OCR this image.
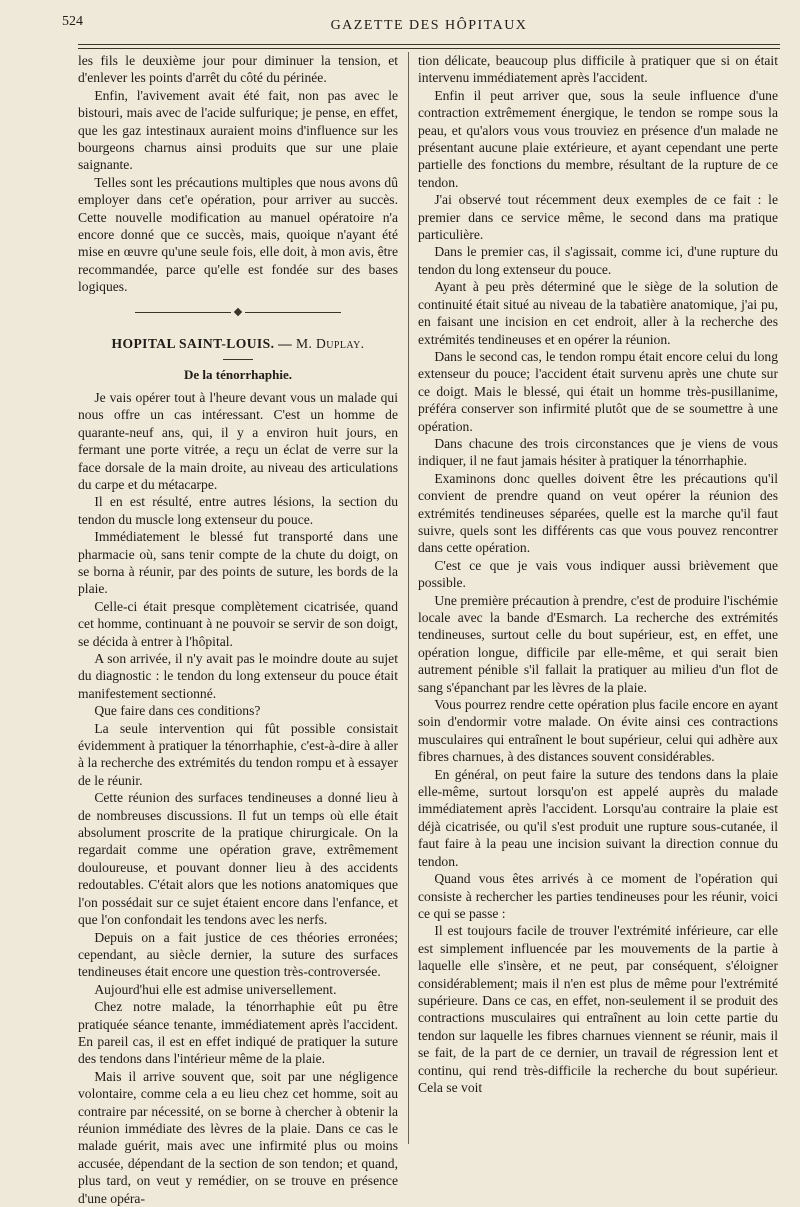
524	GAZETTE DES HÔPITAUX

les fils le deuxième jour pour diminuer la tension, et d'enlever les points d'arrêt du côté du périnée.

Enfin, l'avivement avait été fait, non pas avec le bistouri, mais avec de l'acide sulfurique; je pense, en effet, que les gaz intestinaux auraient moins d'influence sur les bourgeons charnus ainsi produits que sur une plaie saignante.

Telles sont les précautions multiples que nous avons dû employer dans cet'e opération, pour arriver au succès. Cette nouvelle modification au manuel opératoire n'a encore donné que ce succès, mais, quoique n'ayant été mise en œuvre qu'une seule fois, elle doit, à mon avis, être recommandée, parce qu'elle est fondée sur des bases logiques.

HOPITAL SAINT-LOUIS. — M. Duplay.
De la ténorrhaphie.

Je vais opérer tout à l'heure devant vous un malade qui nous offre un cas intéressant. C'est un homme de quarante-neuf ans, qui, il y a environ huit jours, en fermant une porte vitrée, a reçu un éclat de verre sur la face dorsale de la main droite, au niveau des articulations du carpe et du métacarpe.

Il en est résulté, entre autres lésions, la section du tendon du muscle long extenseur du pouce.

Immédiatement le blessé fut transporté dans une pharmacie où, sans tenir compte de la chute du doigt, on se borna à réunir, par des points de suture, les bords de la plaie.

Celle-ci était presque complètement cicatrisée, quand cet homme, continuant à ne pouvoir se servir de son doigt, se décida à entrer à l'hôpital.

A son arrivée, il n'y avait pas le moindre doute au sujet du diagnostic : le tendon du long extenseur du pouce était manifestement sectionné.

Que faire dans ces conditions?

La seule intervention qui fût possible consistait évidemment à pratiquer la ténorrhaphie, c'est-à-dire à aller à la recherche des extrémités du tendon rompu et à essayer de le réunir.

Cette réunion des surfaces tendineuses a donné lieu à de nombreuses discussions. Il fut un temps où elle était absolument proscrite de la pratique chirurgicale. On la regardait comme une opération grave, extrêmement douloureuse, et pouvant donner lieu à des accidents redoutables. C'était alors que les notions anatomiques que l'on possédait sur ce sujet étaient encore dans l'enfance, et que l'on confondait les tendons avec les nerfs.

Depuis on a fait justice de ces théories erronées; cependant, au siècle dernier, la suture des surfaces tendineuses était encore une question très-controversée.

Aujourd'hui elle est admise universellement.

Chez notre malade, la ténorrhaphie eût pu être pratiquée séance tenante, immédiatement après l'accident. En pareil cas, il est en effet indiqué de pratiquer la suture des tendons dans l'intérieur même de la plaie.

Mais il arrive souvent que, soit par une négligence volontaire, comme cela a eu lieu chez cet homme, soit au contraire par nécessité, on se borne à chercher à obtenir la réunion immédiate des lèvres de la plaie. Dans ce cas le malade guérit, mais avec une infirmité plus ou moins accusée, dépendant de la section de son tendon; et quand, plus tard, on veut y remédier, on se trouve en présence d'une opéra-

tion délicate, beaucoup plus difficile à pratiquer que si on était intervenu immédiatement après l'accident.

Enfin il peut arriver que, sous la seule influence d'une contraction extrêmement énergique, le tendon se rompe sous la peau, et qu'alors vous vous trouviez en présence d'un malade ne présentant aucune plaie extérieure, et ayant cependant une perte partielle des fonctions du membre, résultant de la rupture de ce tendon.

J'ai observé tout récemment deux exemples de ce fait : le premier dans ce service même, le second dans ma pratique particulière.

Dans le premier cas, il s'agissait, comme ici, d'une rupture du tendon du long extenseur du pouce.

Ayant à peu près déterminé que le siège de la solution de continuité était situé au niveau de la tabatière anatomique, j'ai pu, en faisant une incision en cet endroit, aller à la recherche des extrémités tendineuses et en opérer la réunion.

Dans le second cas, le tendon rompu était encore celui du long extenseur du pouce; l'accident était survenu après une chute sur ce doigt. Mais le blessé, qui était un homme très-pusillanime, préféra conserver son infirmité plutôt que de se soumettre à une opération.

Dans chacune des trois circonstances que je viens de vous indiquer, il ne faut jamais hésiter à pratiquer la ténorrhaphie.

Examinons donc quelles doivent être les précautions qu'il convient de prendre quand on veut opérer la réunion des extrémités tendineuses séparées, quelle est la marche qu'il faut suivre, quels sont les différents cas que vous pouvez rencontrer dans cette opération.

C'est ce que je vais vous indiquer aussi brièvement que possible.

Une première précaution à prendre, c'est de produire l'ischémie locale avec la bande d'Esmarch. La recherche des extrémités tendineuses, surtout celle du bout supérieur, est, en effet, une opération longue, difficile par elle-même, et qui serait bien autrement pénible s'il fallait la pratiquer au milieu d'un flot de sang s'épanchant par les lèvres de la plaie.

Vous pourrez rendre cette opération plus facile encore en ayant soin d'endormir votre malade. On évite ainsi ces contractions musculaires qui entraînent le bout supérieur, celui qui adhère aux fibres charnues, à des distances souvent considérables.

En général, on peut faire la suture des tendons dans la plaie elle-même, surtout lorsqu'on est appelé auprès du malade immédiatement après l'accident. Lorsqu'au contraire la plaie est déjà cicatrisée, ou qu'il s'est produit une rupture sous-cutanée, il faut faire à la peau une incision suivant la direction connue du tendon.

Quand vous êtes arrivés à ce moment de l'opération qui consiste à rechercher les parties tendineuses pour les réunir, voici ce qui se passe :

Il est toujours facile de trouver l'extrémité inférieure, car elle est simplement influencée par les mouvements de la partie à laquelle elle s'insère, et ne peut, par conséquent, s'éloigner considérablement; mais il n'en est plus de même pour l'extrémité supérieure. Dans ce cas, en effet, non-seulement il se produit des contractions musculaires qui entraînent au loin cette partie du tendon sur laquelle les fibres charnues viennent se réunir, mais il se fait, de la part de ce dernier, un travail de régression lent et continu, qui rend très-difficile la recherche du bout supérieur. Cela se voit
